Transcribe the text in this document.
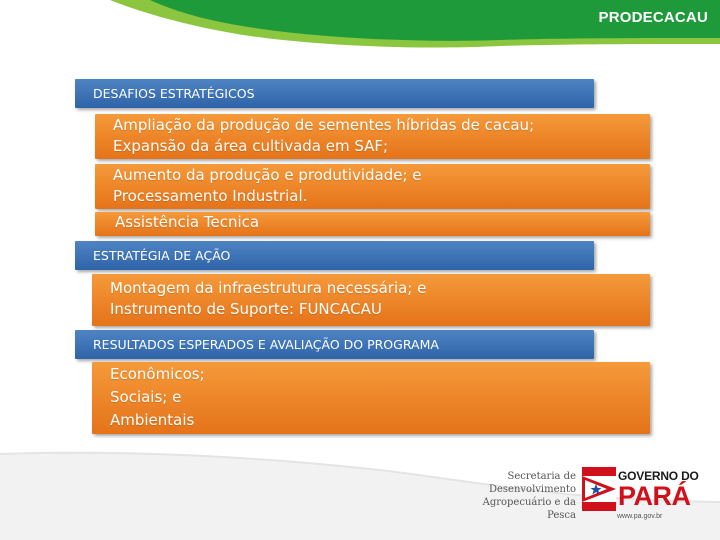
PRODECACAU
DESAFIOS ESTRATÉGICOS
Ampliação da produção de sementes híbridas de cacau;
Expansão da área cultivada em SAF;
Aumento da produção e produtividade; e
Processamento Industrial.
Assistência Tecnica
ESTRATÉGIA DE AÇÃO
Montagem da infraestrutura necessária; e
Instrumento de Suporte: FUNCACAU
RESULTADOS ESPERADOS E AVALIAÇÃO DO PROGRAMA
Econômicos;
Sociais; e
Ambientais
Secretaria de
Desenvolvimento
Agropecuário e da Pesca
GOVERNO DO
PARÁ
www.pa.gov.br
